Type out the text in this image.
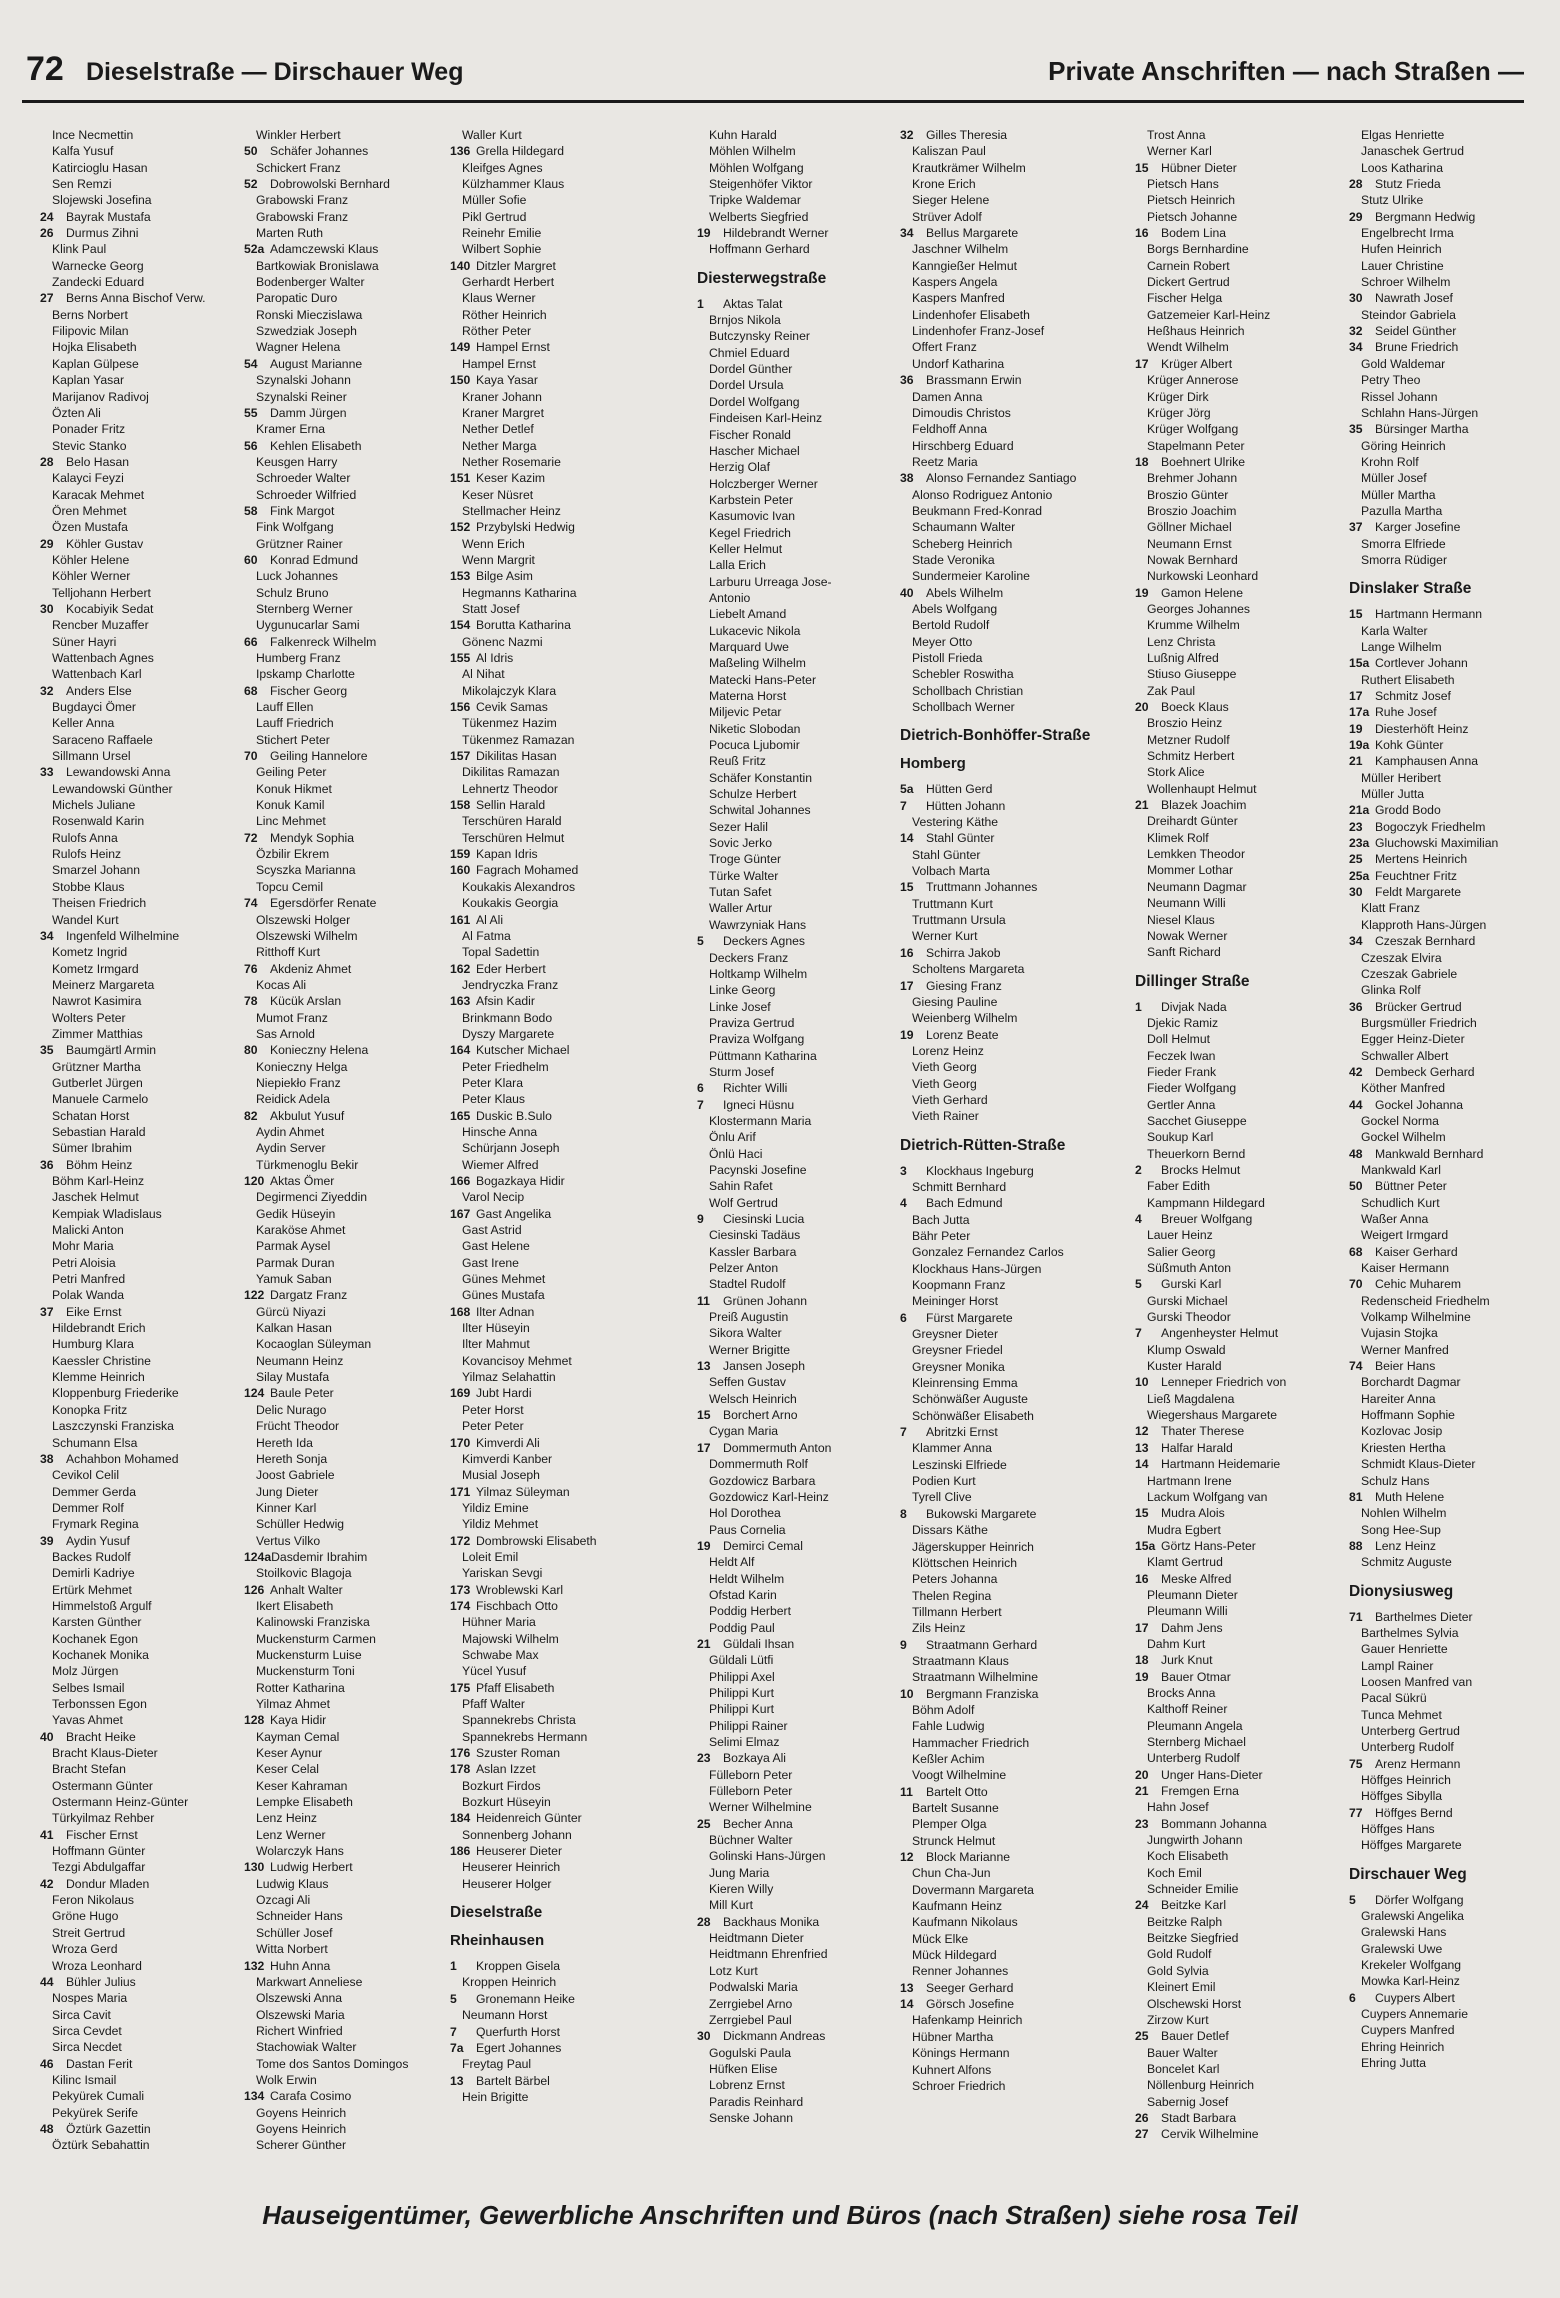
72 Dieselstraße — Dirschauer Weg	Private Anschriften — nach Straßen —
Ince Necmettin
Kalfa Yusuf
Katircioglu Hasan
Sen Remzi
Slojewski Josefina
24 Bayrak Mustafa
26 Durmus Zihni
Klink Paul
Warnecke Georg
Zandecki Eduard
27 Berns Anna Bischof Verw.
Berns Norbert
Filipovic Milan
Hojka Elisabeth
Kaplan Gülpese
Kaplan Yasar
Marijanov Radivoj
Özten Ali
Ponader Fritz
Stevic Stanko
28 Belo Hasan
Kalayci Feyzi
Karacak Mehmet
Ören Mehmet
Özen Mustafa
29 Köhler Gustav
Köhler Helene
Köhler Werner
Telljohann Herbert
30 Kocabiyik Sedat
Rencber Muzaffer
Süner Hayri
Wattenbach Agnes
Wattenbach Karl
32 Anders Else
Bugdayci Ömer
Keller Anna
Saraceno Raffaele
Sillmann Ursel
33 Lewandowski Anna
Lewandowski Günther
Michels Juliane
Rosenwald Karin
Rulofs Anna
Rulofs Heinz
Smarzel Johann
Stobbe Klaus
Theisen Friedrich
Wandel Kurt
34 Ingenfeld Wilhelmine
Kometz Ingrid
Kometz Irmgard
Meinerz Margareta
Nawrot Kasimira
Wolters Peter
Zimmer Matthias
35 Baumgärtl Armin
Grützner Martha
Gutberlet Jürgen
Manuele Carmelo
Schatan Horst
Sebastian Harald
Sümer Ibrahim
36 Böhm Heinz
Böhm Karl-Heinz
Jaschek Helmut
Kempiak Wladislaus
Malicki Anton
Mohr Maria
Petri Aloisia
Petri Manfred
Polak Wanda
37 Eike Ernst
Hildebrandt Erich
Humburg Klara
Kaessler Christine
Klemme Heinrich
Kloppenburg Friederike
Konopka Fritz
Laszczynski Franziska
Schumann Elsa
38 Achahbon Mohamed
Cevikol Celil
Demmer Gerda
Demmer Rolf
Frymark Regina
39 Aydin Yusuf
Backes Rudolf
Demirli Kadriye
Ertürk Mehmet
Himmelstoß Argulf
Karsten Günther
Kochanek Egon
Kochanek Monika
Molz Jürgen
Selbes Ismail
Terbonssen Egon
Yavas Ahmet
40 Bracht Heike
Bracht Klaus-Dieter
Bracht Stefan
Ostermann Günter
Ostermann Heinz-Günter
Türkyilmaz Rehber
41 Fischer Ernst
Hoffmann Günter
Tezgi Abdulgaffar
42 Dondur Mladen
Feron Nikolaus
Gröne Hugo
Streit Gertrud
Wroza Gerd
Wroza Leonhard
44 Bühler Julius
Nospes Maria
Sirca Cavit
Sirca Cevdet
Sirca Necdet
46 Dastan Ferit
Kilinc Ismail
Pekyürek Cumali
Pekyürek Serife
48 Öztürk Gazettin
Öztürk Sebahattin
Winkler Herbert
50 Schäfer Johannes
Schickert Franz
52 Dobrowolski Bernhard
Grabowski Franz
Grabowski Franz
Marten Ruth
52a Adamczewski Klaus
Bartkowiak Bronislawa
Bodenberger Walter
Paropatic Duro
Ronski Mieczislawa
Szwedziak Joseph
Wagner Helena
54 August Marianne
Szynalski Johann
Szynalski Reiner
55 Damm Jürgen
Kramer Erna
56 Kehlen Elisabeth
Keusgen Harry
Schroeder Walter
Schroeder Wilfried
58 Fink Margot
Fink Wolfgang
Grützner Rainer
60 Konrad Edmund
Luck Johannes
Schulz Bruno
Sternberg Werner
Uygunucarlar Sami
66 Falkenreck Wilhelm
Humberg Franz
Ipskamp Charlotte
68 Fischer Georg
Lauff Ellen
Lauff Friedrich
Stichert Peter
70 Geiling Hannelore
Geiling Peter
Konuk Hikmet
Konuk Kamil
Linc Mehmet
72 Mendyk Sophia
Özbilir Ekrem
Scyszka Marianna
Topcu Cemil
74 Egersdörfer Renate
Olszewski Holger
Olszewski Wilhelm
Ritthoff Kurt
76 Akdeniz Ahmet
Kocas Ali
78 Kücük Arslan
Mumot Franz
Sas Arnold
80 Konieczny Helena
Konieczny Helga
Niepiekło Franz
Reidick Adela
82 Akbulut Yusuf
Aydin Ahmet
Aydin Server
Türkmenoglu Bekir
120 Aktas Ömer
Degirmenci Ziyeddin
Gedik Hüseyin
Karaköse Ahmet
Parmak Aysel
Parmak Duran
Yamuk Saban
122 Dargatz Franz
Gürcü Niyazi
Kalkan Hasan
Kocaoglan Süleyman
Neumann Heinz
Silay Mustafa
124 Baule Peter
Delic Nurago
Frücht Theodor
Hereth Ida
Hereth Sonja
Joost Gabriele
Jung Dieter
Kinner Karl
Schüller Hedwig
Vertus Vilko
124aDasdemir Ibrahim
Stoilkovic Blagoja
126 Anhalt Walter
Ikert Elisabeth
Kalinowski Franziska
Muckensturm Carmen
Muckensturm Luise
Muckensturm Toni
Rotter Katharina
Yilmaz Ahmet
128 Kaya Hidir
Kayman Cemal
Keser Aynur
Keser Celal
Keser Kahraman
Lempke Elisabeth
Lenz Heinz
Lenz Werner
Wolarczyk Hans
130 Ludwig Herbert
Ludwig Klaus
Ozcagi Ali
Schneider Hans
Schüller Josef
Witta Norbert
132 Huhn Anna
Markwart Anneliese
Olszewski Anna
Olszewski Maria
Richert Winfried
Stachowiak Walter
Tome dos Santos Domingos
Wolk Erwin
134 Carafa Cosimo
Goyens Heinrich
Goyens Heinrich
Scherer Günther
Waller Kurt
136 Grella Hildegard
Kleifges Agnes
Külzhammer Klaus
Müller Sofie
Pikl Gertrud
Reinehr Emilie
Wilbert Sophie
140 Ditzler Margret
Gerhardt Herbert
Klaus Werner
Röther Heinrich
Röther Peter
149 Hampel Ernst
Hampel Ernst
150 Kaya Yasar
Kraner Johann
Kraner Margret
Nether Detlef
Nether Marga
Nether Rosemarie
151 Keser Kazim
Keser Nüsret
Stellmacher Heinz
152 Przybylski Hedwig
Wenn Erich
Wenn Margrit
153 Bilge Asim
Hegmanns Katharina
Statt Josef
154 Borutta Katharina
Gönenc Nazmi
155 Al Idris
Al Nihat
Mikolajczyk Klara
156 Cevik Samas
Tükenmez Hazim
Tükenmez Ramazan
157 Dikilitas Hasan
Dikilitas Ramazan
Lehnertz Theodor
158 Sellin Harald
Terschüren Harald
Terschüren Helmut
159 Kapan Idris
160 Fagrach Mohamed
Koukakis Alexandros
Koukakis Georgia
161 Al Ali
Al Fatma
Topal Sadettin
162 Eder Herbert
Jendryczka Franz
163 Afsin Kadir
Brinkmann Bodo
Dyszy Margarete
164 Kutscher Michael
Peter Friedhelm
Peter Klara
Peter Klaus
165 Duskic B.Sulo
Hinsche Anna
Schürjann Joseph
Wiemer Alfred
166 Bogazkaya Hidir
Varol Necip
167 Gast Angelika
Gast Astrid
Gast Helene
Gast Irene
Günes Mehmet
Günes Mustafa
168 Ilter Adnan
Ilter Hüseyin
Ilter Mahmut
Kovancisoy Mehmet
Yilmaz Selahattin
169 Jubt Hardi
Peter Horst
Peter Peter
170 Kimverdi Ali
Kimverdi Kanber
Musial Joseph
171 Yilmaz Süleyman
Yildiz Emine
Yildiz Mehmet
172 Dombrowski Elisabeth
Loleit Emil
Yariskan Sevgi
173 Wroblewski Karl
174 Fischbach Otto
Hühner Maria
Majowski Wilhelm
Schwabe Max
Yücel Yusuf
175 Pfaff Elisabeth
Pfaff Walter
Spannekrebs Christa
Spannekrebs Hermann
176 Szuster Roman
178 Aslan Izzet
Bozkurt Firdos
Bozkurt Hüseyin
184 Heidenreich Günter
Sonnenberg Johann
186 Heuserer Dieter
Heuserer Heinrich
Heuserer Holger
Dieselstraße
Rheinhausen
1 Kroppen Gisela
Kroppen Heinrich
5 Gronemann Heike
Neumann Horst
7 Querfurth Horst
7a Egert Johannes
Freytag Paul
13 Bartelt Bärbel
Hein Brigitte
Kuhn Harald
Möhlen Wilhelm
Möhlen Wolfgang
Steigenhöfer Viktor
Tripke Waldemar
Welberts Siegfried
19 Hildebrandt Werner
Hoffmann Gerhard
Diesterwegstraße
1 Aktas Talat
Brnjos Nikola
Butczynsky Reiner
Chmiel Eduard
Dordel Günther
Dordel Ursula
Dordel Wolfgang
Findeisen Karl-Heinz
Fischer Ronald
Hascher Michael
Herzig Olaf
Holczberger Werner
Karbstein Peter
Kasumovic Ivan
Kegel Friedrich
Keller Helmut
Lalla Erich
Larburu Urreaga Jose-
Antonio
Liebelt Amand
Lukacevic Nikola
Marquard Uwe
Maßeling Wilhelm
Matecki Hans-Peter
Materna Horst
Miljevic Petar
Niketic Slobodan
Pocuca Ljubomir
Reuß Fritz
Schäfer Konstantin
Schulze Herbert
Schwital Johannes
Sezer Halil
Sovic Jerko
Troge Günter
Türke Walter
Tutan Safet
Waller Artur
Wawrzyniak Hans
5 Deckers Agnes
Deckers Franz
Holtkamp Wilhelm
Linke Georg
Linke Josef
Praviza Gertrud
Praviza Wolfgang
Püttmann Katharina
Sturm Josef
6 Richter Willi
7 Igneci Hüsnu
Klostermann Maria
Önlu Arif
Önlü Haci
Pacynski Josefine
Sahin Rafet
Wolf Gertrud
9 Ciesinski Lucia
Ciesinski Tadäus
Kassler Barbara
Pelzer Anton
Stadtel Rudolf
11 Grünen Johann
Preiß Augustin
Sikora Walter
Werner Brigitte
13 Jansen Joseph
Seffen Gustav
Welsch Heinrich
15 Borchert Arno
Cygan Maria
17 Dommermuth Anton
Dommermuth Rolf
Gozdowicz Barbara
Gozdowicz Karl-Heinz
Hol Dorothea
Paus Cornelia
19 Demirci Cemal
Heldt Alf
Heldt Wilhelm
Ofstad Karin
Poddig Herbert
Poddig Paul
21 Güldali Ihsan
Güldali Lütfi
Philippi Axel
Philippi Kurt
Philippi Kurt
Philippi Rainer
Selimi Elmaz
23 Bozkaya Ali
Fülleborn Peter
Fülleborn Peter
Werner Wilhelmine
25 Becher Anna
Büchner Walter
Golinski Hans-Jürgen
Jung Maria
Kieren Willy
Mill Kurt
28 Backhaus Monika
Heidtmann Dieter
Heidtmann Ehrenfried
Lotz Kurt
Podwalski Maria
Zerrgiebel Arno
Zerrgiebel Paul
30 Dickmann Andreas
Gogulski Paula
Hüfken Elise
Lobrenz Ernst
Paradis Reinhard
Senske Johann
32 Gilles Theresia
Kaliszan Paul
Krautkrämer Wilhelm
Krone Erich
Sieger Helene
Strüver Adolf
34 Bellus Margarete
Jaschner Wilhelm
Kanngießer Helmut
Kaspers Angela
Kaspers Manfred
Lindenhofer Elisabeth
Lindenhofer Franz-Josef
Offert Franz
Undorf Katharina
36 Brassmann Erwin
Damen Anna
Dimoudis Christos
Feldhoff Anna
Hirschberg Eduard
Reetz Maria
38 Alonso Fernandez Santiago
Alonso Rodriguez Antonio
Beukmann Fred-Konrad
Schaumann Walter
Scheberg Heinrich
Stade Veronika
Sundermeier Karoline
40 Abels Wilhelm
Abels Wolfgang
Bertold Rudolf
Meyer Otto
Pistoll Frieda
Schebler Roswitha
Schollbach Christian
Schollbach Werner
Dietrich-Bonhöffer-Straße
Homberg
5a Hütten Gerd
7 Hütten Johann
Vestering Käthe
14 Stahl Günter
Stahl Günter
Volbach Marta
15 Truttmann Johannes
Truttmann Kurt
Truttmann Ursula
Werner Kurt
16 Schirra Jakob
Scholtens Margareta
17 Giesing Franz
Giesing Pauline
Weienberg Wilhelm
19 Lorenz Beate
Lorenz Heinz
Vieth Georg
Vieth Georg
Vieth Gerhard
Vieth Rainer
Dietrich-Rütten-Straße
3 Klockhaus Ingeburg
Schmitt Bernhard
4 Bach Edmund
Bach Jutta
Bähr Peter
Gonzalez Fernandez Carlos
Klockhaus Hans-Jürgen
Koopmann Franz
Meininger Horst
6 Fürst Margarete
Greysner Dieter
Greysner Friedel
Greysner Monika
Kleinrensing Emma
Schönwäßer Auguste
Schönwäßer Elisabeth
7 Abritzki Ernst
Klammer Anna
Leszinski Elfriede
Podien Kurt
Tyrell Clive
8 Bukowski Margarete
Dissars Käthe
Jägerskupper Heinrich
Klöttschen Heinrich
Peters Johanna
Thelen Regina
Tillmann Herbert
Zils Heinz
9 Straatmann Gerhard
Straatmann Klaus
Straatmann Wilhelmine
10 Bergmann Franziska
Böhm Adolf
Fahle Ludwig
Hammacher Friedrich
Keßler Achim
Voogt Wilhelmine
11 Bartelt Otto
Bartelt Susanne
Plemper Olga
Strunck Helmut
12 Block Marianne
Chun Cha-Jun
Dovermann Margareta
Kaufmann Heinz
Kaufmann Nikolaus
Mück Elke
Mück Hildegard
Renner Johannes
13 Seeger Gerhard
14 Görsch Josefine
Hafenkamp Heinrich
Hübner Martha
Könings Hermann
Kuhnert Alfons
Schroer Friedrich
Trost Anna
Werner Karl
15 Hübner Dieter
Pietsch Hans
Pietsch Heinrich
Pietsch Johanne
16 Bodem Lina
Borgs Bernhardine
Carnein Robert
Dickert Gertrud
Fischer Helga
Gatzemeier Karl-Heinz
Heßhaus Heinrich
Wendt Wilhelm
17 Krüger Albert
Krüger Annerose
Krüger Dirk
Krüger Jörg
Krüger Wolfgang
Stapelmann Peter
18 Boehnert Ulrike
Brehmer Johann
Broszio Günter
Broszio Joachim
Göllner Michael
Neumann Ernst
Nowak Bernhard
Nurkowski Leonhard
19 Gamon Helene
Georges Johannes
Krumme Wilhelm
Lenz Christa
Lußnig Alfred
Stiuso Giuseppe
Zak Paul
20 Boeck Klaus
Broszio Heinz
Metzner Rudolf
Schmitz Herbert
Stork Alice
Wollenhaupt Helmut
21 Blazek Joachim
Dreihardt Günter
Klimek Rolf
Lemkken Theodor
Mommer Lothar
Neumann Dagmar
Neumann Willi
Niesel Klaus
Nowak Werner
Sanft Richard
Dillinger Straße
1 Divjak Nada
Djekic Ramiz
Doll Helmut
Feczek Iwan
Fieder Frank
Fieder Wolfgang
Gertler Anna
Sacchet Giuseppe
Soukup Karl
Theuerkorn Bernd
2 Brocks Helmut
Faber Edith
Kampmann Hildegard
4 Breuer Wolfgang
Lauer Heinz
Salier Georg
Süßmuth Anton
5 Gurski Karl
Gurski Michael
Gurski Theodor
7 Angenheyster Helmut
Klump Oswald
Kuster Harald
10 Lenneper Friedrich von
Ließ Magdalena
Wiegershaus Margarete
12 Thater Therese
13 Halfar Harald
14 Hartmann Heidemarie
Hartmann Irene
Lackum Wolfgang van
15 Mudra Alois
Mudra Egbert
15a Görtz Hans-Peter
Klamt Gertrud
16 Meske Alfred
Pleumann Dieter
Pleumann Willi
17 Dahm Jens
Dahm Kurt
18 Jurk Knut
19 Bauer Otmar
Brocks Anna
Kalthoff Reiner
Pleumann Angela
Sternberg Michael
Unterberg Rudolf
20 Unger Hans-Dieter
21 Fremgen Erna
Hahn Josef
23 Bommann Johanna
Jungwirth Johann
Koch Elisabeth
Koch Emil
Schneider Emilie
24 Beitzke Karl
Beitzke Ralph
Beitzke Siegfried
Gold Rudolf
Gold Sylvia
Kleinert Emil
Olschewski Horst
Zirzow Kurt
25 Bauer Detlef
Bauer Walter
Boncelet Karl
Nöllenburg Heinrich
Sabernig Josef
26 Stadt Barbara
27 Cervik Wilhelmine
Elgas Henriette
Janaschek Gertrud
Loos Katharina
28 Stutz Frieda
Stutz Ulrike
29 Bergmann Hedwig
Engelbrecht Irma
Hufen Heinrich
Lauer Christine
Schroer Wilhelm
30 Nawrath Josef
Steindor Gabriela
32 Seidel Günther
34 Brune Friedrich
Gold Waldemar
Petry Theo
Rissel Johann
Schlahn Hans-Jürgen
35 Bürsinger Martha
Göring Heinrich
Krohn Rolf
Müller Josef
Müller Martha
Pazulla Martha
37 Karger Josefine
Smorra Elfriede
Smorra Rüdiger
Dinslaker Straße
15 Hartmann Hermann
Karla Walter
Lange Wilhelm
15a Cortlever Johann
Ruthert Elisabeth
17 Schmitz Josef
17a Ruhe Josef
19 Diesterhöft Heinz
19a Kohk Günter
21 Kamphausen Anna
Müller Heribert
Müller Jutta
21a Grodd Bodo
23 Bogoczyk Friedhelm
23a Gluchowski Maximilian
25 Mertens Heinrich
25a Feuchtner Fritz
30 Feldt Margarete
Klatt Franz
Klapproth Hans-Jürgen
34 Czeszak Bernhard
Czeszak Elvira
Czeszak Gabriele
Glinka Rolf
36 Brücker Gertrud
Burgsmüller Friedrich
Egger Heinz-Dieter
Schwaller Albert
42 Dembeck Gerhard
Köther Manfred
44 Gockel Johanna
Gockel Norma
Gockel Wilhelm
48 Mankwald Bernhard
Mankwald Karl
50 Büttner Peter
Schudlich Kurt
Waßer Anna
Weigert Irmgard
68 Kaiser Gerhard
Kaiser Hermann
70 Cehic Muharem
Redenscheid Friedhelm
Volkamp Wilhelmine
Vujasin Stojka
Werner Manfred
74 Beier Hans
Borchardt Dagmar
Hareiter Anna
Hoffmann Sophie
Kozlovac Josip
Kriesten Hertha
Schmidt Klaus-Dieter
Schulz Hans
81 Muth Helene
Nohlen Wilhelm
Song Hee-Sup
88 Lenz Heinz
Schmitz Auguste
Dionysiusweg
71 Barthelmes Dieter
Barthelmes Sylvia
Gauer Henriette
Lampl Rainer
Loosen Manfred van
Pacal Sükrü
Tunca Mehmet
Unterberg Gertrud
Unterberg Rudolf
75 Arenz Hermann
Höffges Heinrich
Höffges Sibylla
77 Höffges Bernd
Höffges Hans
Höffges Margarete
Dirschauer Weg
5 Dörfer Wolfgang
Gralewski Angelika
Gralewski Hans
Gralewski Uwe
Krekeler Wolfgang
Mowka Karl-Heinz
6 Cuypers Albert
Cuypers Annemarie
Cuypers Manfred
Ehring Heinrich
Ehring Jutta
Hauseigentümer, Gewerbliche Anschriften und Büros (nach Straßen) siehe rosa Teil
